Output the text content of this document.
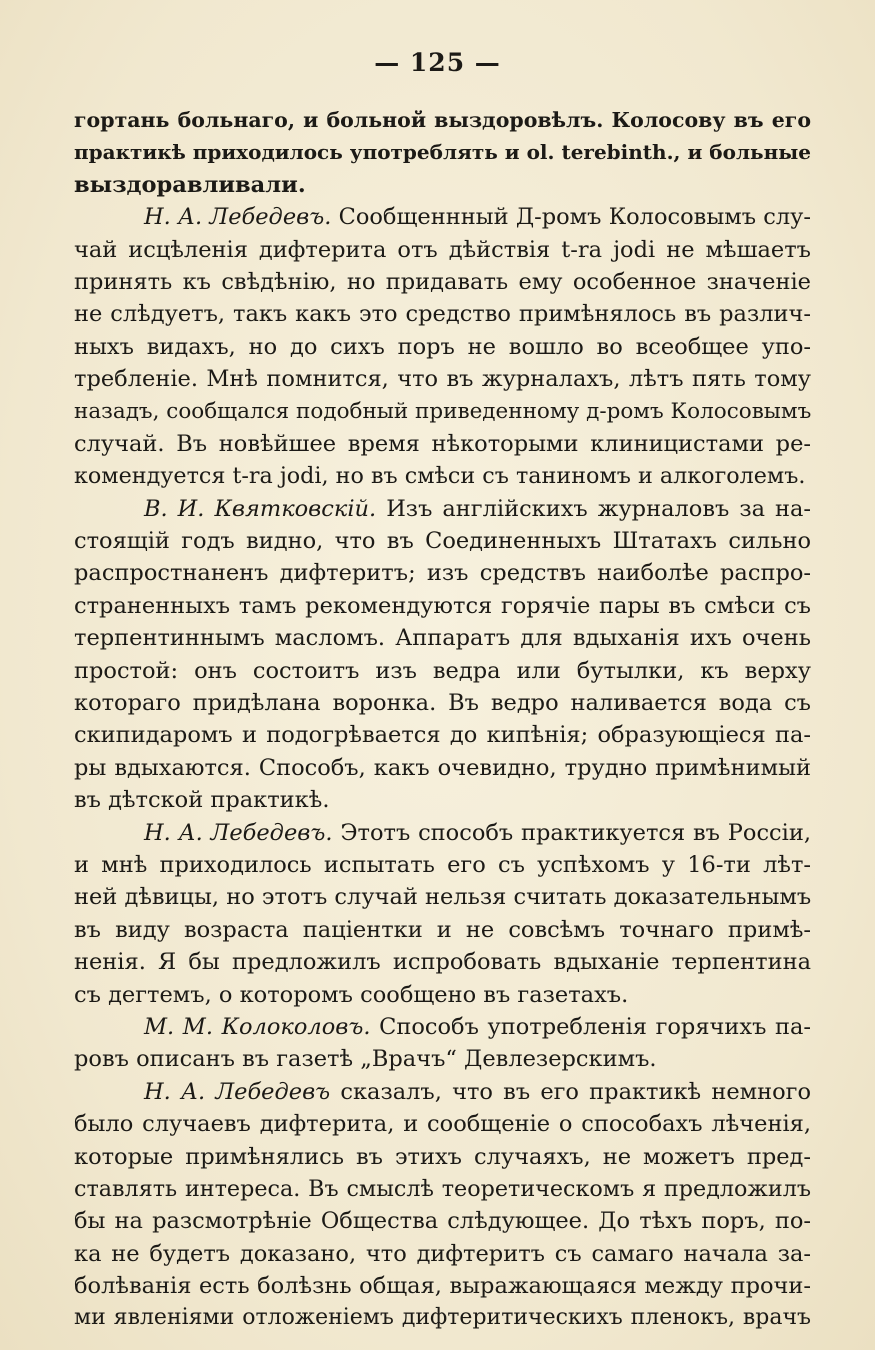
— 125 —
гортань больнаго, и больной выздоровѣлъ. Колосову въ его
практикѣ приходилось употреблять и ol. terebinth., и больные
выздоравливали.
Н. А. Лебедевъ. Сообщеннный Д-ромъ Колосовымъ слу-
чай исцѣленія дифтерита отъ дѣйствія t-ra jodi не мѣшаетъ
принять къ свѣдѣнію, но придавать ему особенное значеніе
не слѣдуетъ, такъ какъ это средство примѣнялось въ различ-
ныхъ видахъ, но до сихъ поръ не вошло во всеобщее упо-
требленіе. Мнѣ помнится, что въ журналахъ, лѣтъ пять тому
назадъ, сообщался подобный приведенному д-ромъ Колосовымъ
случай. Въ новѣйшее время нѣкоторыми клиницистами ре-
комендуется t-ra jodi, но въ смѣси съ таниномъ и алкоголемъ.
В. И. Квятковскій. Изъ англійскихъ журналовъ за на-
стоящій годъ видно, что въ Соединенныхъ Штатахъ сильно
распростнаненъ дифтеритъ; изъ средствъ наиболѣе распро-
страненныхъ тамъ рекомендуются горячіе пары въ смѣси съ
терпентиннымъ масломъ. Аппаратъ для вдыханія ихъ очень
простой: онъ состоитъ изъ ведра или бутылки, къ верху
котораго придѣлана воронка. Въ ведро наливается вода съ
скипидаромъ и подогрѣвается до кипѣнія; образующіеся па-
ры вдыхаются. Способъ, какъ очевидно, трудно примѣнимый
въ дѣтской практикѣ.
Н. А. Лебедевъ. Этотъ способъ практикуется въ Россіи,
и мнѣ приходилось испытать его съ успѣхомъ у 16-ти лѣт-
ней дѣвицы, но этотъ случай нельзя считать доказательнымъ
въ виду возраста паціентки и не совсѣмъ точнаго примѣ-
ненія. Я бы предложилъ испробовать вдыханіе терпентина
съ дегтемъ, о которомъ сообщено въ газетахъ.
М. М. Колоколовъ. Способъ употребленія горячихъ па-
ровъ описанъ въ газетѣ „Врачъ“ Девлезерскимъ.
Н. А. Лебедевъ сказалъ, что въ его практикѣ немного
было случаевъ дифтерита, и сообщеніе о способахъ лѣченія,
которые примѣнялись въ этихъ случаяхъ, не можетъ пред-
ставлять интереса. Въ смыслѣ теоретическомъ я предложилъ
бы на разсмотрѣніе Общества слѣдующее. До тѣхъ поръ, по-
ка не будетъ доказано, что дифтеритъ съ самаго начала за-
болѣванія есть болѣзнь общая, выражающаяся между прочи-
ми явленіями отложеніемъ дифтеритическихъ пленокъ, врачъ
